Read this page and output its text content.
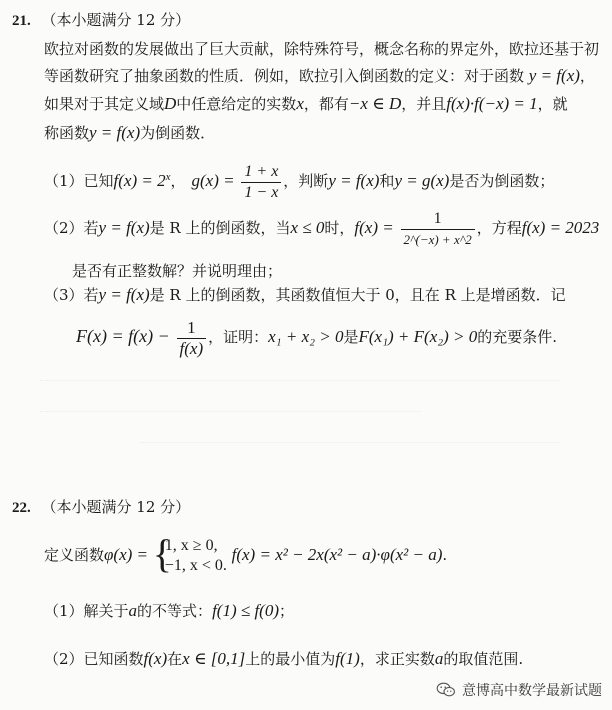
21. （本小题满分 12 分）
欧拉对函数的发展做出了巨大贡献，除特殊符号，概念名称的界定外，欧拉还基于初
等函数研究了抽象函数的性质．例如，欧拉引入倒函数的定义：对于函数 y = f(x)，
如果对于其定义域D中任意给定的实数x，都有−x ∈ D，并且f(x)·f(−x) = 1，就
称函数y = f(x)为倒函数．
（1）已知$f(x) = 2^x$， $g(x) = \frac{1 + x}{1 - x}$ ，判断y = f(x)和y = g(x)是否为倒函数；
（2）若y = f(x)是 R 上的倒函数，当x ≤ 0时，$f(x) = \frac{1}{2\^{}(-x) + x\^{}2}$ ，方程f(x) = 2023
是否有正整数解？并说明理由；
（3）若y = f(x)是 R 上的倒函数，其函数值恒大于 0，且在 R 上是增函数．记
$F(x) = f(x) - \frac{1}{f(x)}$ ，证明：x₁ + x₂ > 0是F(x₁) + F(x₂) > 0的充要条件.
22. （本小题满分 12 分）
定义函数φ(x) = {
1, x ≥ 0,
−1, x < 0.
f(x) = x² − 2x(x² − a)·φ(x² − a).
（1）解关于a的不等式：f(1) ≤ f(0)；
（2）已知函数f(x)在x ∈ [0,1]上的最小值为f(1)，求正实数a的取值范围.
意博高中数学最新试题
